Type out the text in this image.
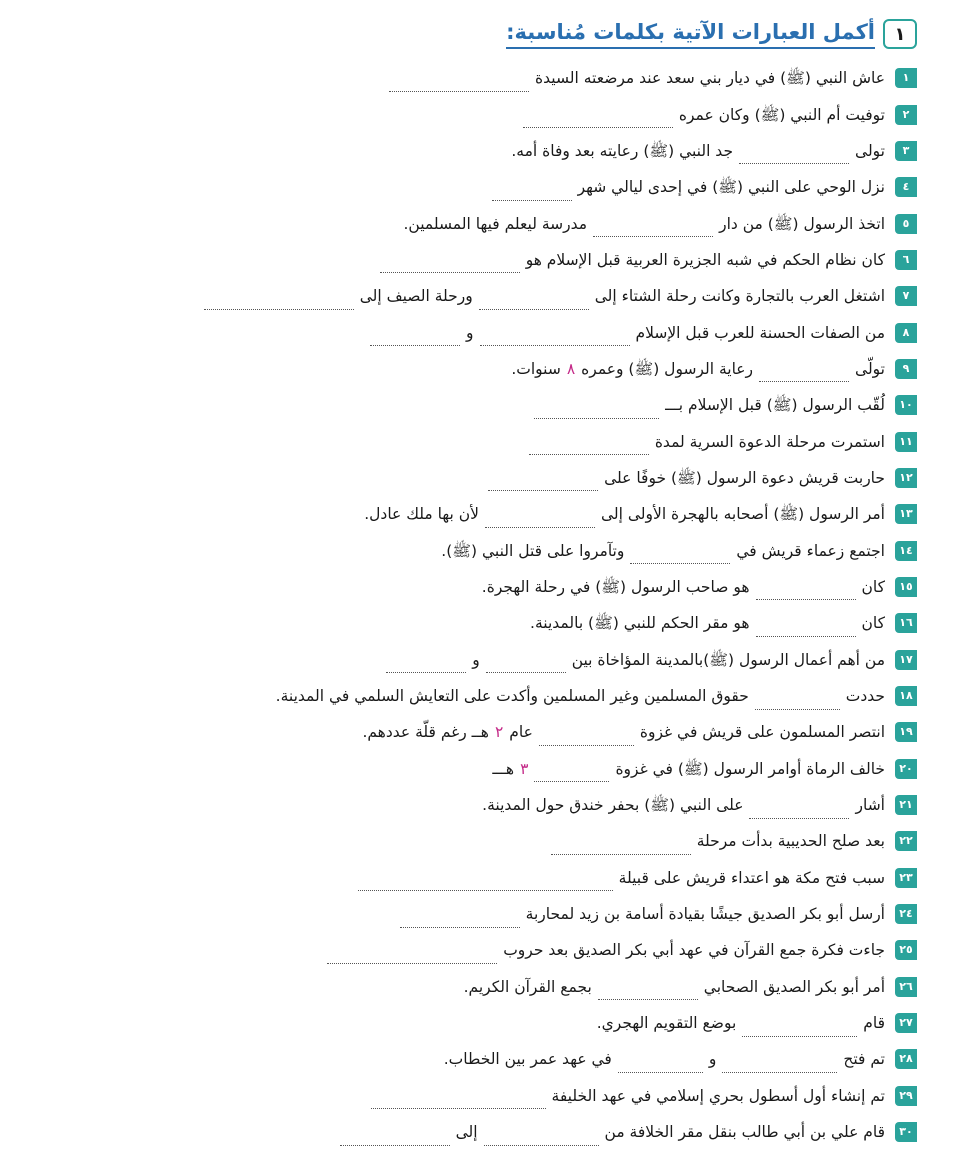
١
أكمل العبارات الآتية بكلمات مُناسبة:
١
عاش النبي (ﷺ) في ديار بني سعد عند مرضعته السيدة
٢
توفيت أم النبي (ﷺ) وكان عمره
٣
تولى
جد النبي (ﷺ) رعايته بعد وفاة أمه.
٤
نزل الوحي على النبي (ﷺ) في إحدى ليالي شهر
٥
اتخذ الرسول (ﷺ) من دار
مدرسة ليعلم فيها المسلمين.
٦
كان نظام الحكم في شبه الجزيرة العربية قبل الإسلام هو
٧
اشتغل العرب بالتجارة وكانت رحلة الشتاء إلى
ورحلة الصيف إلى
٨
من الصفات الحسنة للعرب قبل الإسلام
و
٩
تولّى
رعاية الرسول (ﷺ) وعمره
٨
سنوات.
١٠
لُقّب الرسول (ﷺ) قبل الإسلام بـــ
١١
استمرت مرحلة الدعوة السرية لمدة
١٢
حاربت قريش دعوة الرسول (ﷺ) خوفًا على
١٣
أمر الرسول (ﷺ) أصحابه بالهجرة الأولى إلى
لأن بها ملك عادل.
١٤
اجتمع زعماء قريش في
وتآمروا على قتل النبي (ﷺ).
١٥
كان
هو صاحب الرسول (ﷺ) في رحلة الهجرة.
١٦
كان
هو مقر الحكم للنبي (ﷺ) بالمدينة.
١٧
من أهم أعمال الرسول (ﷺ)بالمدينة المؤاخاة بين
و
١٨
حددت
حقوق المسلمين وغير المسلمين وأكدت على التعايش السلمي في المدينة.
١٩
انتصر المسلمون على قريش في غزوة
عام
٢
هــ رغم قلّة عددهم.
٢٠
خالف الرماة أوامر الرسول (ﷺ) في غزوة
٣
هـــ
٢١
أشار
على النبي (ﷺ) بحفر خندق حول المدينة.
٢٢
بعد صلح الحديبية بدأت مرحلة
٢٣
سبب فتح مكة هو اعتداء قريش على قبيلة
٢٤
أرسل أبو بكر الصديق جيشًا بقيادة أسامة بن زيد لمحاربة
٢٥
جاءت فكرة جمع القرآن في عهد أبي بكر الصديق بعد حروب
٢٦
أمر أبو بكر الصديق الصحابي
بجمع القرآن الكريم.
٢٧
قام
بوضع التقويم الهجري.
٢٨
تم فتح
و
في عهد عمر بين الخطاب.
٢٩
تم إنشاء أول أسطول بحري إسلامي في عهد الخليفة
٣٠
قام علي بن أبي طالب بنقل مقر الخلافة من
إلى
